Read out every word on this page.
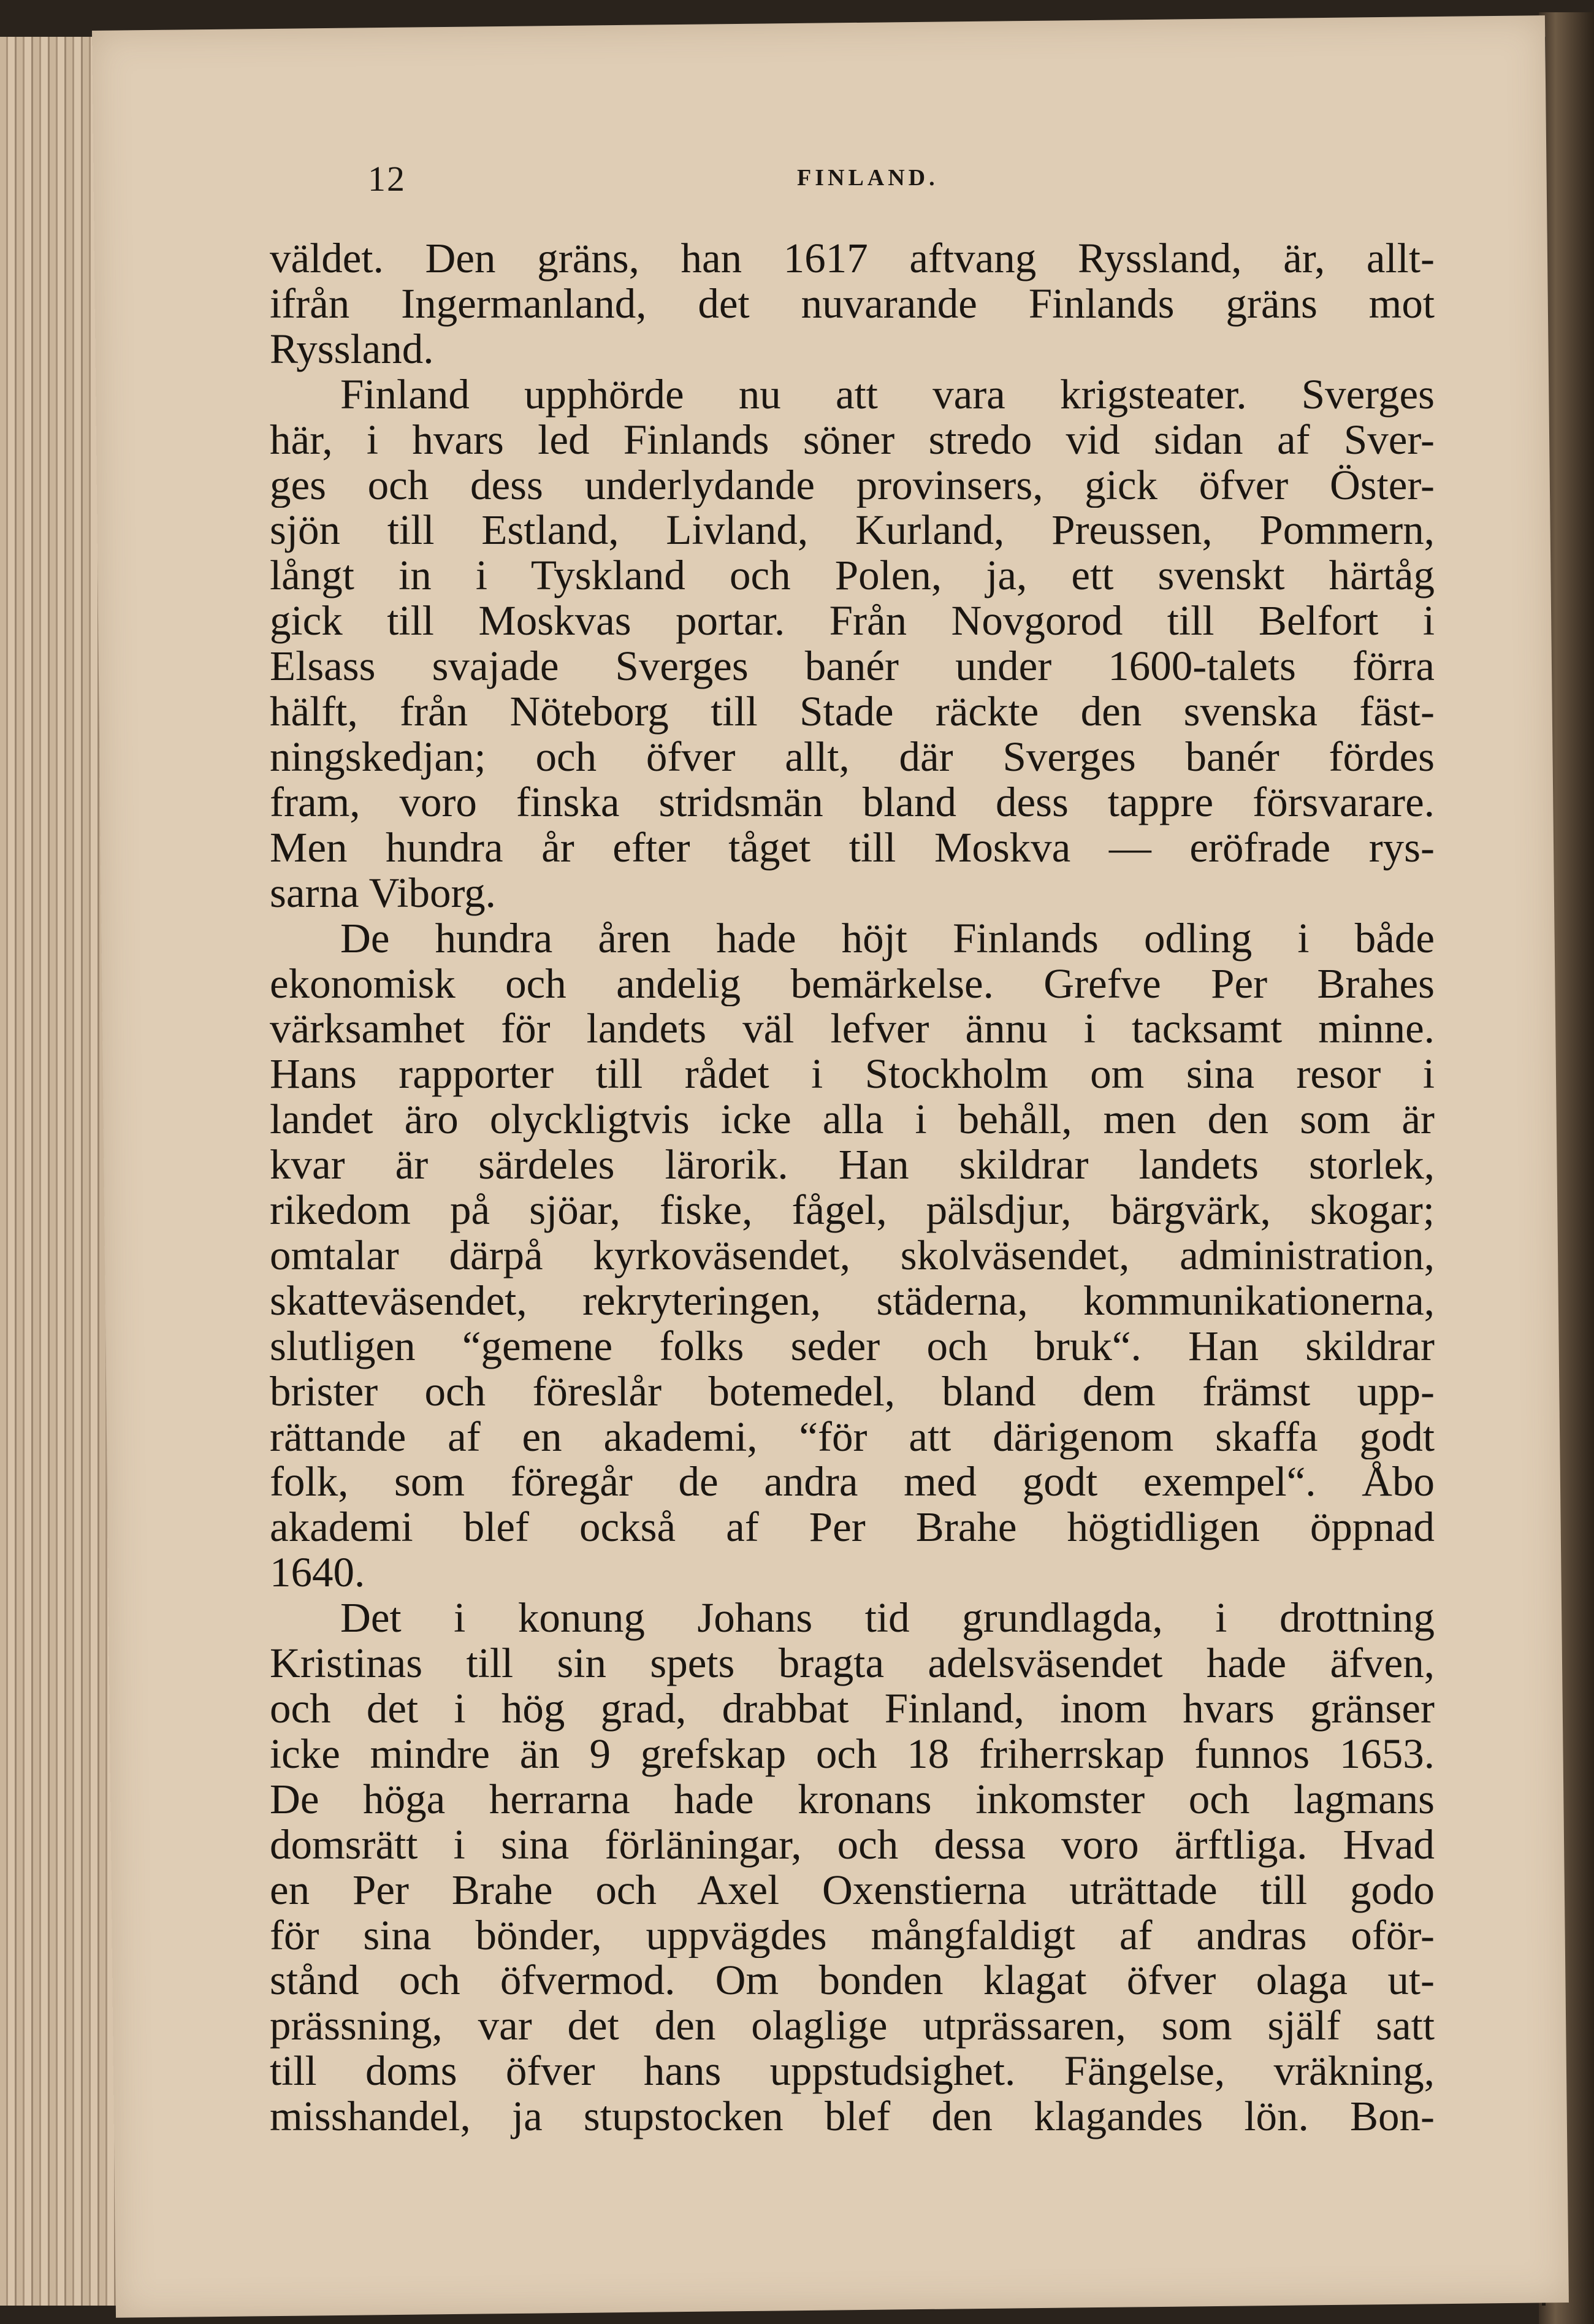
12	FINLAND.
väldet. Den gräns, han 1617 aftvang Ryssland, är, allt-
ifrån Ingermanland, det nuvarande Finlands gräns mot
Ryssland.
Finland upphörde nu att vara krigsteater. Sverges
här, i hvars led Finlands söner stredo vid sidan af Sver-
ges och dess underlydande provinsers, gick öfver Öster-
sjön till Estland, Livland, Kurland, Preussen, Pommern,
långt in i Tyskland och Polen, ja, ett svenskt härtåg
gick till Moskvas portar. Från Novgorod till Belfort i
Elsass svajade Sverges banér under 1600-talets förra
hälft, från Nöteborg till Stade räckte den svenska fäst-
ningskedjan; och öfver allt, där Sverges banér fördes
fram, voro finska stridsmän bland dess tappre försvarare.
Men hundra år efter tåget till Moskva — eröfrade rys-
sarna Viborg.
De hundra åren hade höjt Finlands odling i både
ekonomisk och andelig bemärkelse. Grefve Per Brahes
värksamhet för landets väl lefver ännu i tacksamt minne.
Hans rapporter till rådet i Stockholm om sina resor i
landet äro olyckligtvis icke alla i behåll, men den som är
kvar är särdeles lärorik. Han skildrar landets storlek,
rikedom på sjöar, fiske, fågel, pälsdjur, bärgvärk, skogar;
omtalar därpå kyrkoväsendet, skolväsendet, administration,
skatteväsendet, rekryteringen, städerna, kommunikationerna,
slutligen “gemene folks seder och bruk“. Han skildrar
brister och föreslår botemedel, bland dem främst upp-
rättande af en akademi, “för att därigenom skaffa godt
folk, som föregår de andra med godt exempel“. Åbo
akademi blef också af Per Brahe högtidligen öppnad
1640.
Det i konung Johans tid grundlagda, i drottning
Kristinas till sin spets bragta adelsväsendet hade äfven,
och det i hög grad, drabbat Finland, inom hvars gränser
icke mindre än 9 grefskap och 18 friherrskap funnos 1653.
De höga herrarna hade kronans inkomster och lagmans
domsrätt i sina förläningar, och dessa voro ärftliga. Hvad
en Per Brahe och Axel Oxenstierna uträttade till godo
för sina bönder, uppvägdes mångfaldigt af andras oför-
stånd och öfvermod. Om bonden klagat öfver olaga ut-
prässning, var det den olaglige utprässaren, som själf satt
till doms öfver hans uppstudsighet. Fängelse, vräkning,
misshandel, ja stupstocken blef den klagandes lön. Bon-
